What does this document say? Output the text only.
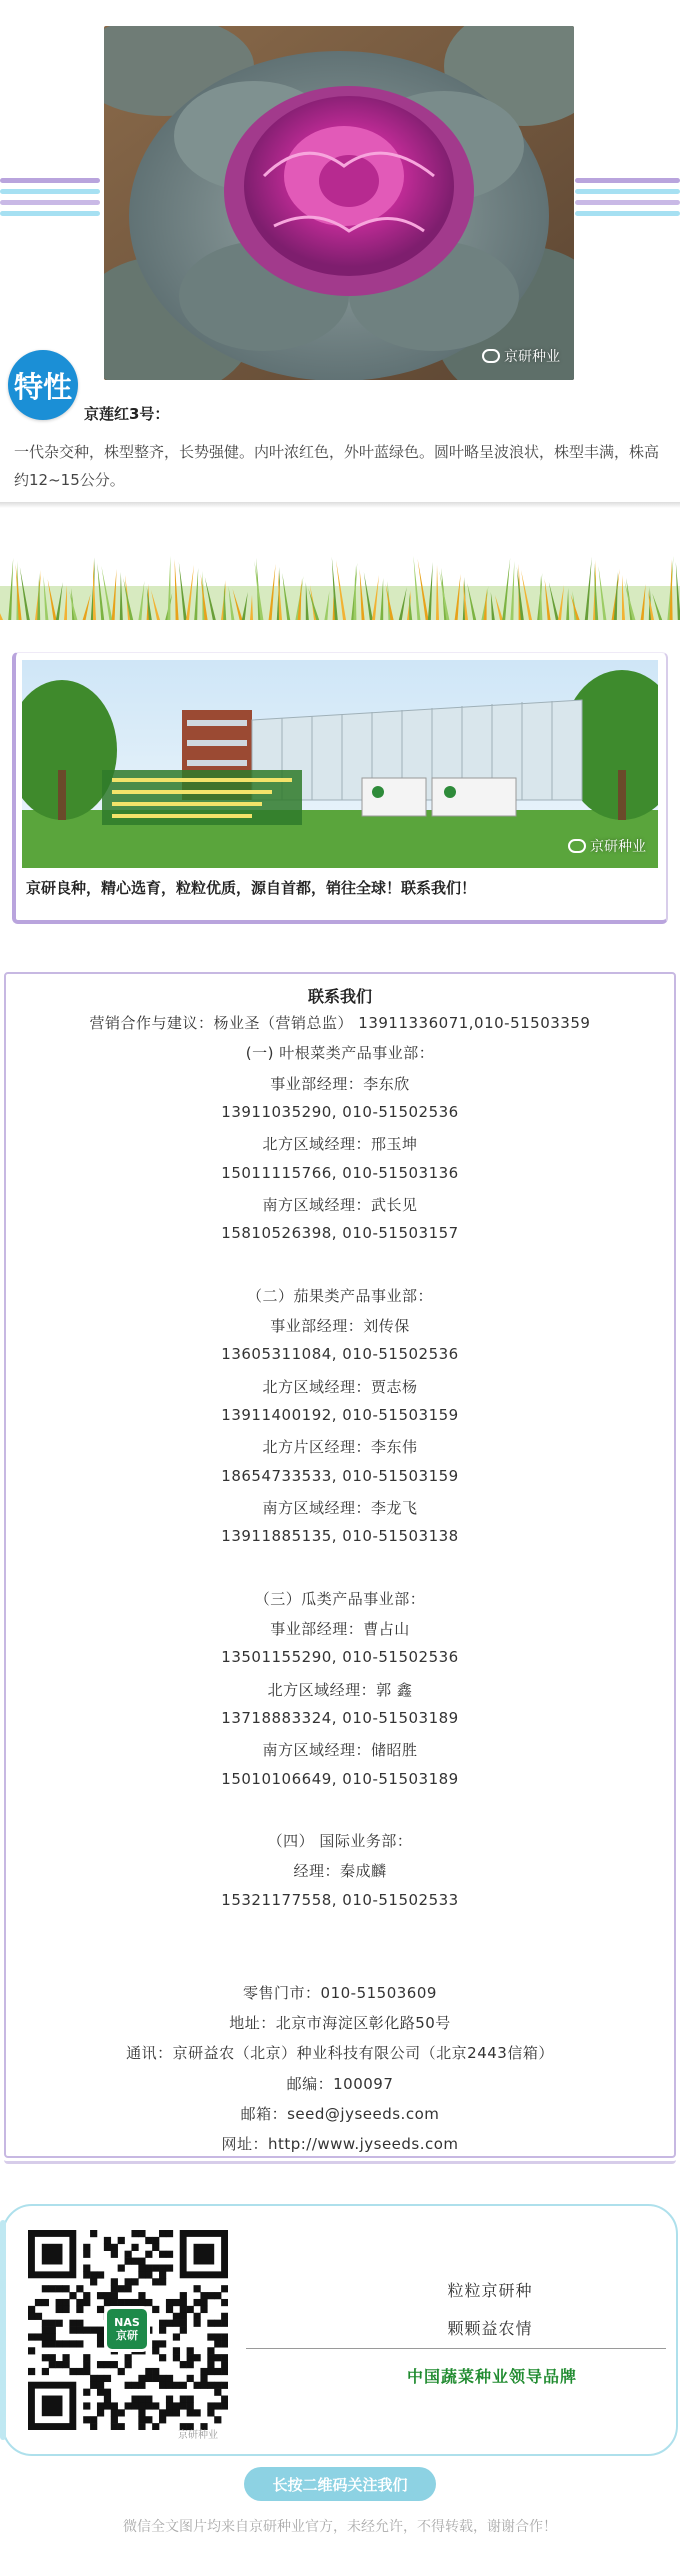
京研种业
特性
京莲红3号：
一代杂交种，株型整齐，长势强健。内叶浓红色，外叶蓝绿色。圆叶略呈波浪状，株型丰满，株高约12~15公分。
京研种业
京研良种，精心选育，粒粒优质，源自首都，销往全球！联系我们！
联系我们
营销合作与建议：杨业圣（营销总监） 13911336071,010-51503359
(一) 叶根菜类产品事业部：
事业部经理：李东欣
13911035290, 010-51502536
北方区域经理：邢玉坤
15011115766, 010-51503136
南方区域经理：武长见
15810526398, 010-51503157
（二）茄果类产品事业部：
事业部经理：刘传保
13605311084, 010-51502536
北方区域经理：贾志杨
13911400192, 010-51503159
北方片区经理：李东伟
18654733533, 010-51503159
南方区域经理：李龙飞
13911885135, 010-51503138
（三）瓜类产品事业部：
事业部经理：曹占山
13501155290, 010-51502536
北方区域经理：郭 鑫
13718883324, 010-51503189
南方区域经理：储昭胜
15010106649, 010-51503189
（四） 国际业务部：
经理：秦成麟
15321177558, 010-51502533
零售门市：010-51503609
地址：北京市海淀区彰化路50号
通讯：京研益农（北京）种业科技有限公司（北京2443信箱）
邮编：100097
邮箱：seed@jyseeds.com
网址：http://www.jyseeds.com
NAS
京研
京研种业
粒粒京研种
颗颗益农情
中国蔬菜种业领导品牌
长按二维码关注我们
微信全文图片均来自京研种业官方，未经允许，不得转载，谢谢合作！
